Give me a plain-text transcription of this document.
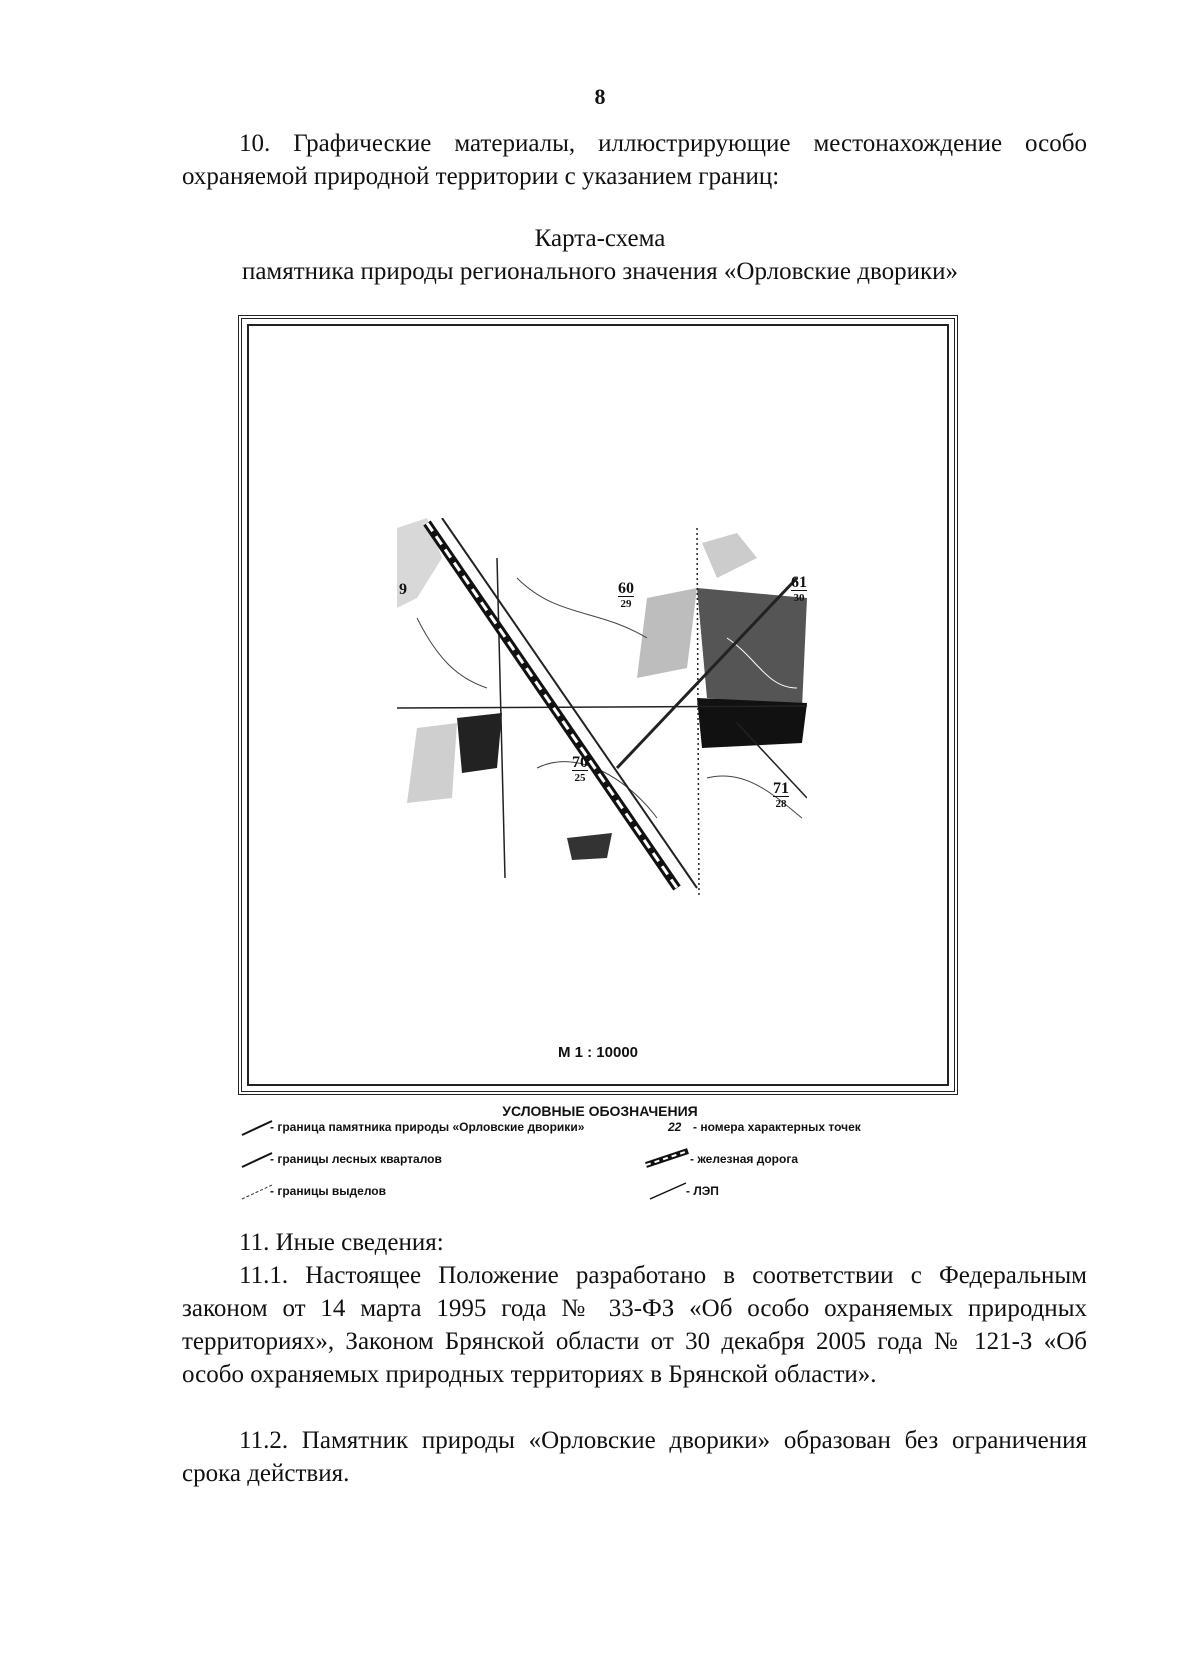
8
10. Графические материалы, иллюстрирующие местонахождение особо охраняемой природной территории с указанием границ:
Карта-схема
памятника природы регионального значения «Орловские дворики»
60
29
61
30
70
25
71
28
9
М 1 : 10000
УСЛОВНЫЕ ОБОЗНАЧЕНИЯ
- граница памятника природы «Орловские дворики»
- границы лесных кварталов
- границы выделов
22 - номера характерных точек
- железная дорога
- ЛЭП
11. Иные сведения:
11.1. Настоящее Положение разработано в соответствии с Федеральным законом от 14 марта 1995 года № 33-ФЗ «Об особо охраняемых природных территориях», Законом Брянской области от 30 декабря 2005 года № 121-З «Об особо охраняемых природных территориях в Брянской области».
11.2. Памятник природы «Орловские дворики» образован без ограничения срока действия.
